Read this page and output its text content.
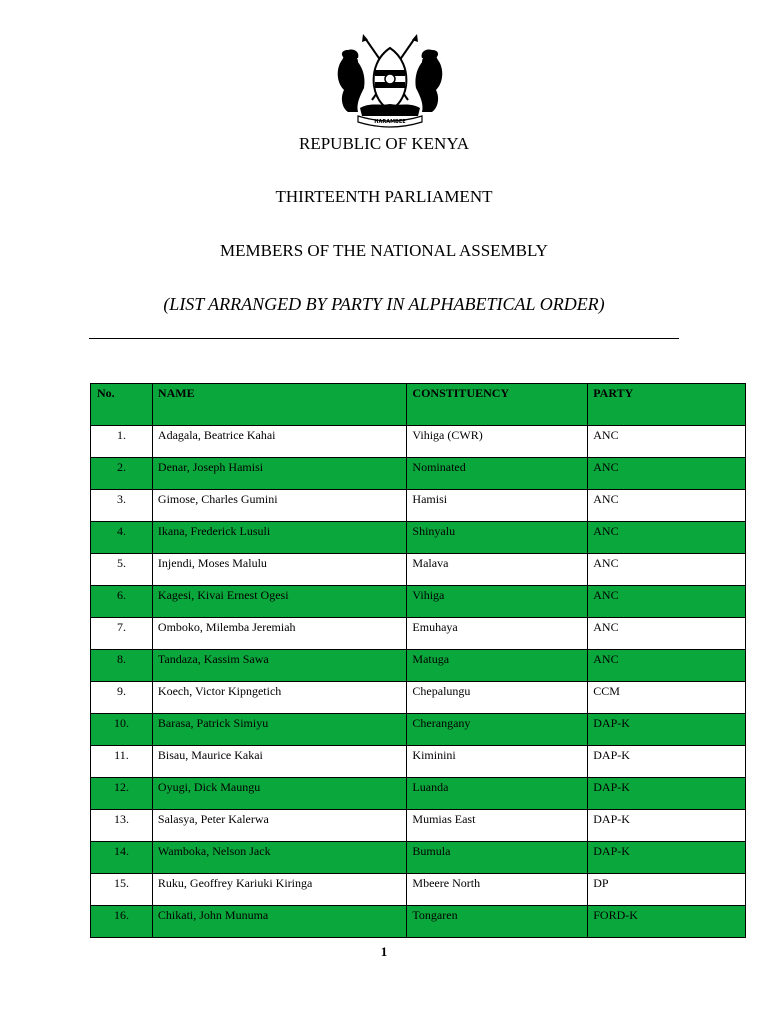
HARAMBEE
REPUBLIC OF KENYA
THIRTEENTH PARLIAMENT
MEMBERS OF THE NATIONAL ASSEMBLY
(LIST ARRANGED BY PARTY IN ALPHABETICAL ORDER)
No.	NAME	CONSTITUENCY	PARTY
1.	Adagala, Beatrice Kahai	Vihiga (CWR)	ANC
2.	Denar, Joseph Hamisi	Nominated	ANC
3.	Gimose, Charles Gumini	Hamisi	ANC
4.	Ikana, Frederick Lusuli	Shinyalu	ANC
5.	Injendi, Moses Malulu	Malava	ANC
6.	Kagesi, Kivai Ernest Ogesi	Vihiga	ANC
7.	Omboko, Milemba Jeremiah	Emuhaya	ANC
8.	Tandaza, Kassim Sawa	Matuga	ANC
9.	Koech, Victor Kipngetich	Chepalungu	CCM
10.	Barasa, Patrick Simiyu	Cherangany	DAP-K
11.	Bisau, Maurice Kakai	Kiminini	DAP-K
12.	Oyugi, Dick Maungu	Luanda	DAP-K
13.	Salasya, Peter Kalerwa	Mumias East	DAP-K
14.	Wamboka, Nelson Jack	Bumula	DAP-K
15.	Ruku, Geoffrey Kariuki Kiringa	Mbeere North	DP
16.	Chikati, John Munuma	Tongaren	FORD-K
1
